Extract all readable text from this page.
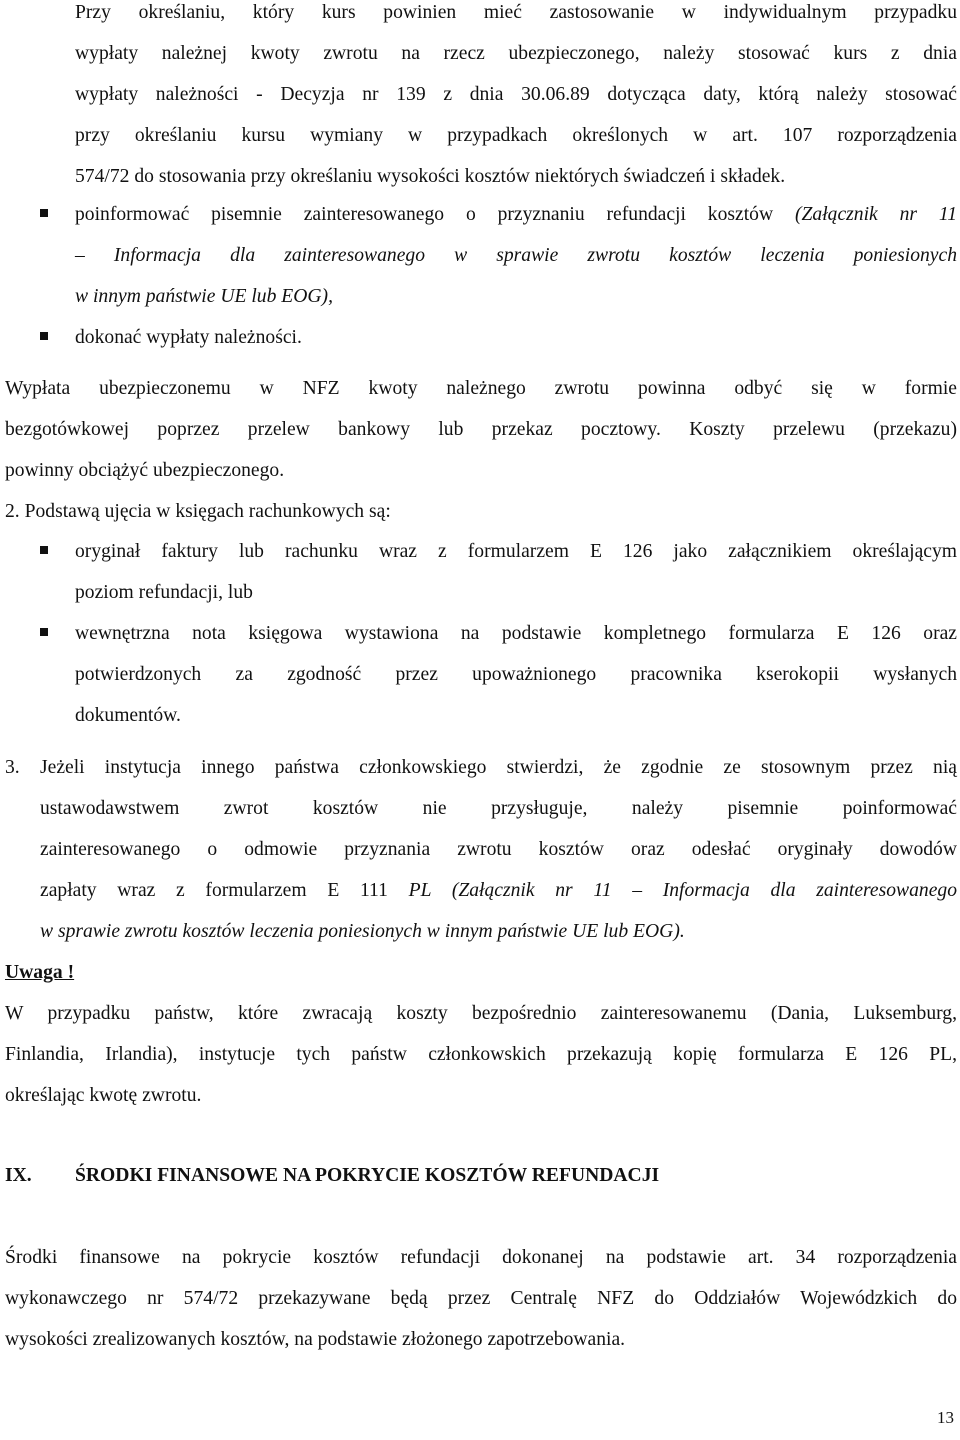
Przy określaniu, który kurs powinien mieć zastosowanie w indywidualnym przypadku
wypłaty należnej kwoty zwrotu na rzecz ubezpieczonego, należy stosować kurs z dnia
wypłaty należności - Decyzja nr 139 z dnia 30.06.89 dotycząca daty, którą należy stosować
przy określaniu kursu wymiany w przypadkach określonych w art. 107 rozporządzenia
574/72 do stosowania przy określaniu wysokości kosztów niektórych świadczeń i składek.
poinformować pisemnie zainteresowanego o przyznaniu refundacji kosztów (Załącznik nr 11
– Informacja dla zainteresowanego w sprawie zwrotu kosztów leczenia poniesionych
w innym państwie UE lub EOG),
dokonać wypłaty należności.
Wypłata ubezpieczonemu w NFZ kwoty należnego zwrotu powinna odbyć się w formie
bezgotówkowej poprzez przelew bankowy lub przekaz pocztowy. Koszty przelewu (przekazu)
powinny obciążyć ubezpieczonego.
2. Podstawą ujęcia w księgach rachunkowych są:
oryginał faktury lub rachunku wraz z formularzem E 126 jako załącznikiem określającym
poziom refundacji, lub
wewnętrzna nota księgowa wystawiona na podstawie kompletnego formularza E 126 oraz
potwierdzonych za zgodność przez upoważnionego pracownika kserokopii wysłanych
dokumentów.
3. Jeżeli instytucja innego państwa członkowskiego stwierdzi, że zgodnie ze stosownym przez nią
ustawodawstwem zwrot kosztów nie przysługuje, należy pisemnie poinformować
zainteresowanego o odmowie przyznania zwrotu kosztów oraz odesłać oryginały dowodów
zapłaty wraz z formularzem E 111 PL (Załącznik nr 11 – Informacja dla zainteresowanego
w sprawie zwrotu kosztów leczenia poniesionych w innym państwie UE lub EOG).
Uwaga !
W przypadku państw, które zwracają koszty bezpośrednio zainteresowanemu (Dania, Luksemburg,
Finlandia, Irlandia), instytucje tych państw członkowskich przekazują kopię formularza E 126 PL,
określając kwotę zwrotu.
IX. ŚRODKI FINANSOWE NA POKRYCIE KOSZTÓW REFUNDACJI
Środki finansowe na pokrycie kosztów refundacji dokonanej na podstawie art. 34 rozporządzenia
wykonawczego nr 574/72 przekazywane będą przez Centralę NFZ do Oddziałów Wojewódzkich do
wysokości zrealizowanych kosztów, na podstawie złożonego zapotrzebowania.
13
